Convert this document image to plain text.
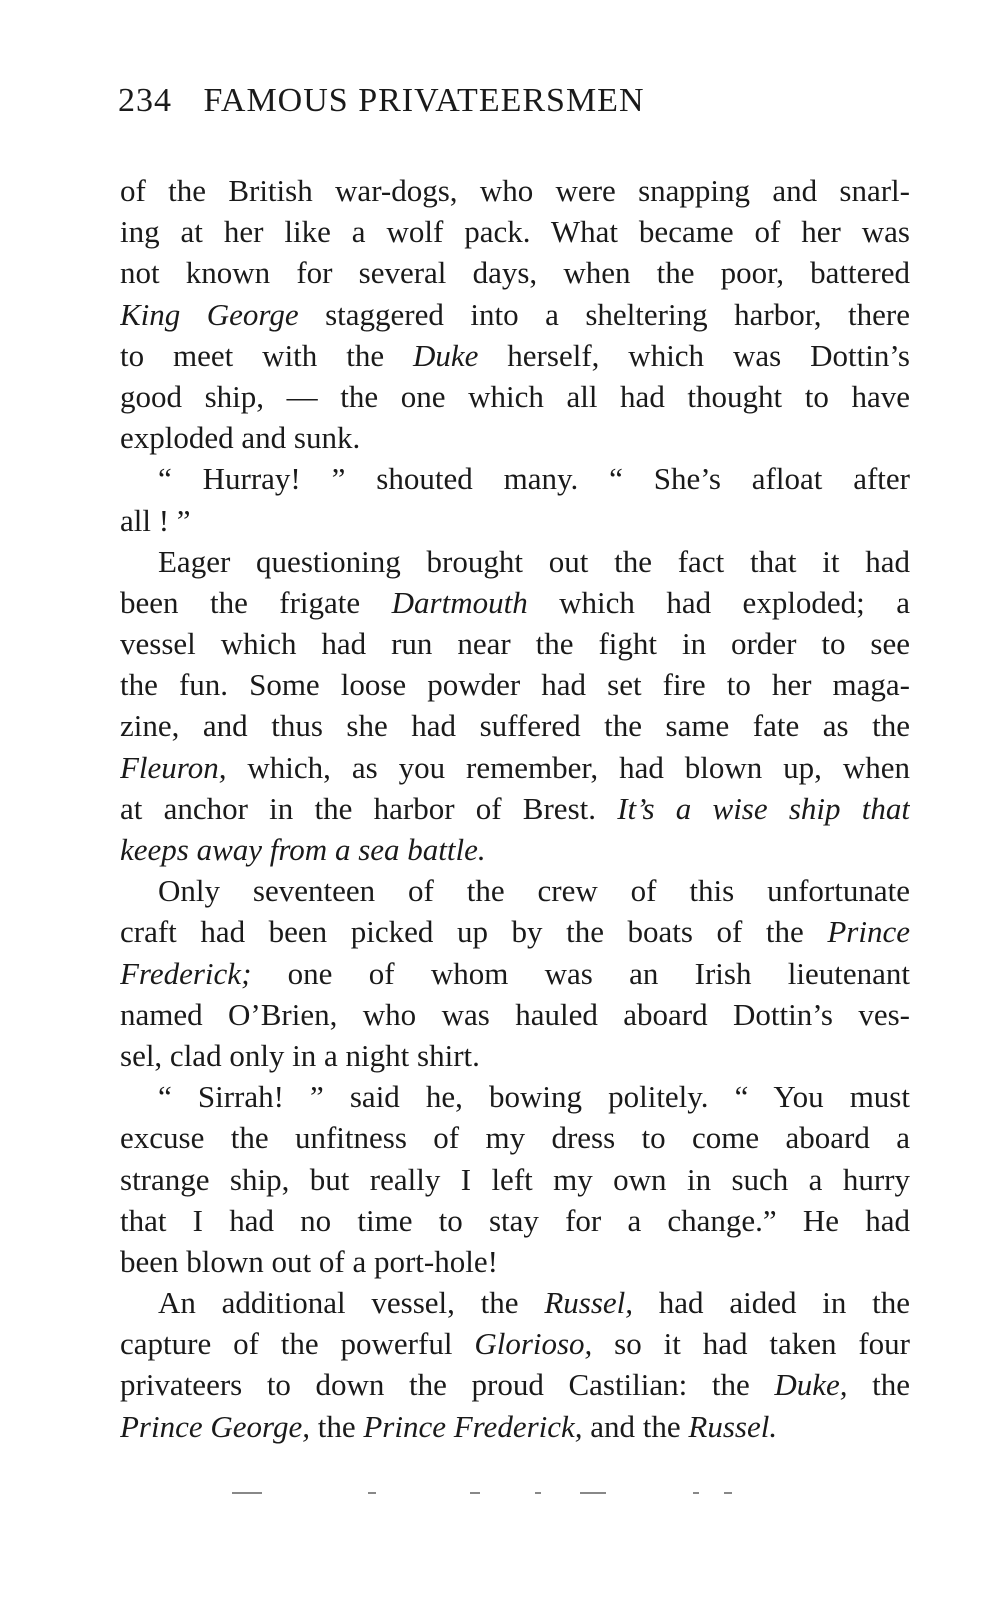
234 FAMOUS PRIVATEERSMEN
of the British war-dogs, who were snapping and snarl-
ing at her like a wolf pack. What became of her was
not known for several days, when the poor, battered
King George staggered into a sheltering harbor, there
to meet with the Duke herself, which was Dottin’s
good ship, — the one which all had thought to have
exploded and sunk.
“ Hurray! ” shouted many. “ She’s afloat after
all ! ”
Eager questioning brought out the fact that it had
been the frigate Dartmouth which had exploded; a
vessel which had run near the fight in order to see
the fun. Some loose powder had set fire to her maga-
zine, and thus she had suffered the same fate as the
Fleuron, which, as you remember, had blown up, when
at anchor in the harbor of Brest. It’s a wise ship that
keeps away from a sea battle.
Only seventeen of the crew of this unfortunate
craft had been picked up by the boats of the Prince
Frederick; one of whom was an Irish lieutenant
named O’Brien, who was hauled aboard Dottin’s ves-
sel, clad only in a night shirt.
“ Sirrah! ” said he, bowing politely. “ You must
excuse the unfitness of my dress to come aboard a
strange ship, but really I left my own in such a hurry
that I had no time to stay for a change.” He had
been blown out of a port-hole!
An additional vessel, the Russel, had aided in the
capture of the powerful Glorioso, so it had taken four
privateers to down the proud Castilian: the Duke, the
Prince George, the Prince Frederick, and the Russel.
